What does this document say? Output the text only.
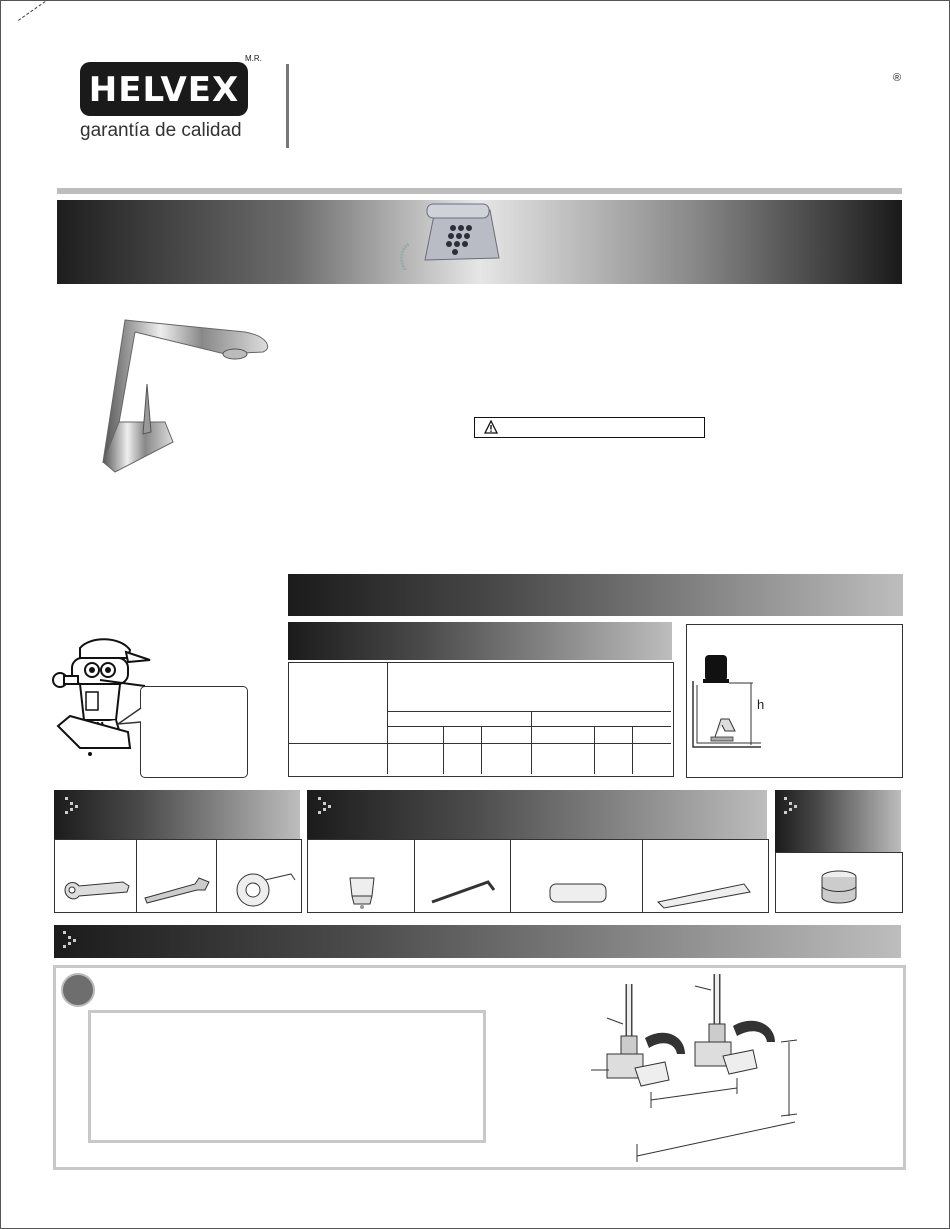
HELVEX
M.R.
garantía de calidad
®
h
